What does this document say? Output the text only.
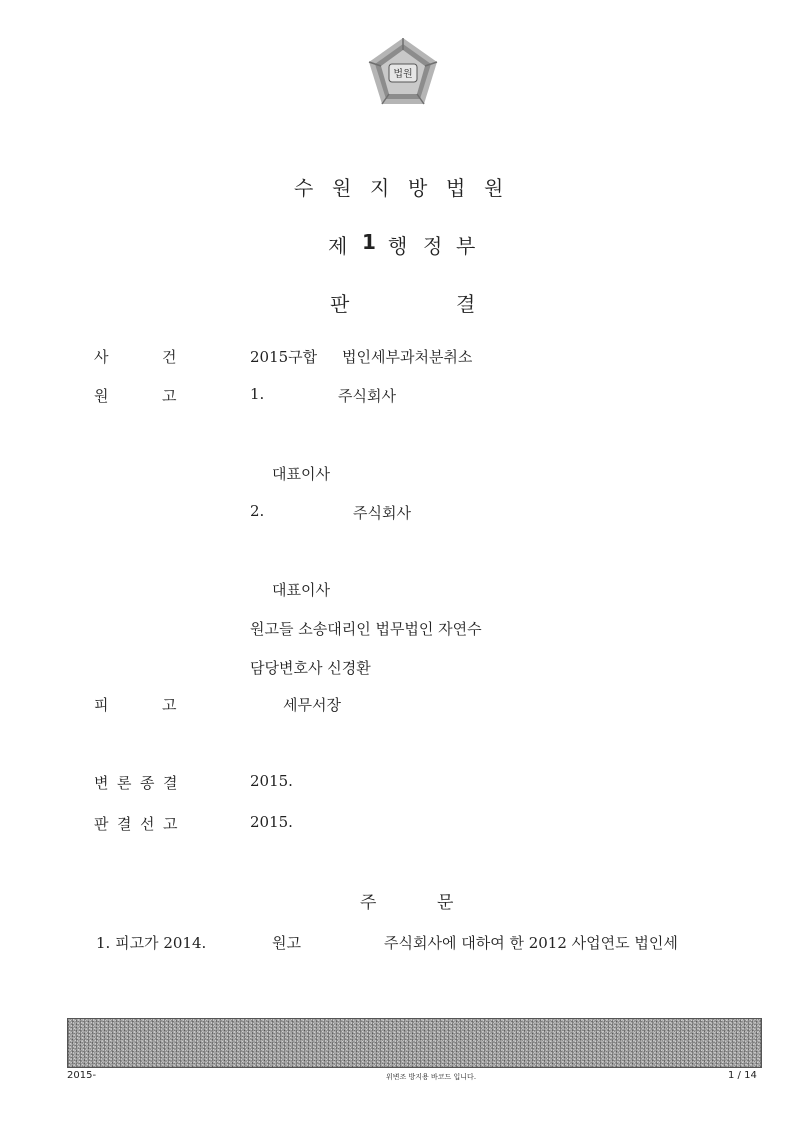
법원
수 원 지 방 법 원
제 1 행 정 부
판	결
사	건	2015구합 법인세부과처분취소
원	고	1.	주식회사
대표이사
2.	주식회사
대표이사
원고들 소송대리인 법무법인 자연수
담당변호사 신경환
피	고	세무서장
변 론 종 결	2015.
판 결 선 고	2015.
주	문
1. 피고가 2014.	원고	주식회사에 대하여 한 2012 사업연도 법인세
2015-	위변조 방지용 바코드 입니다.	1 / 14
